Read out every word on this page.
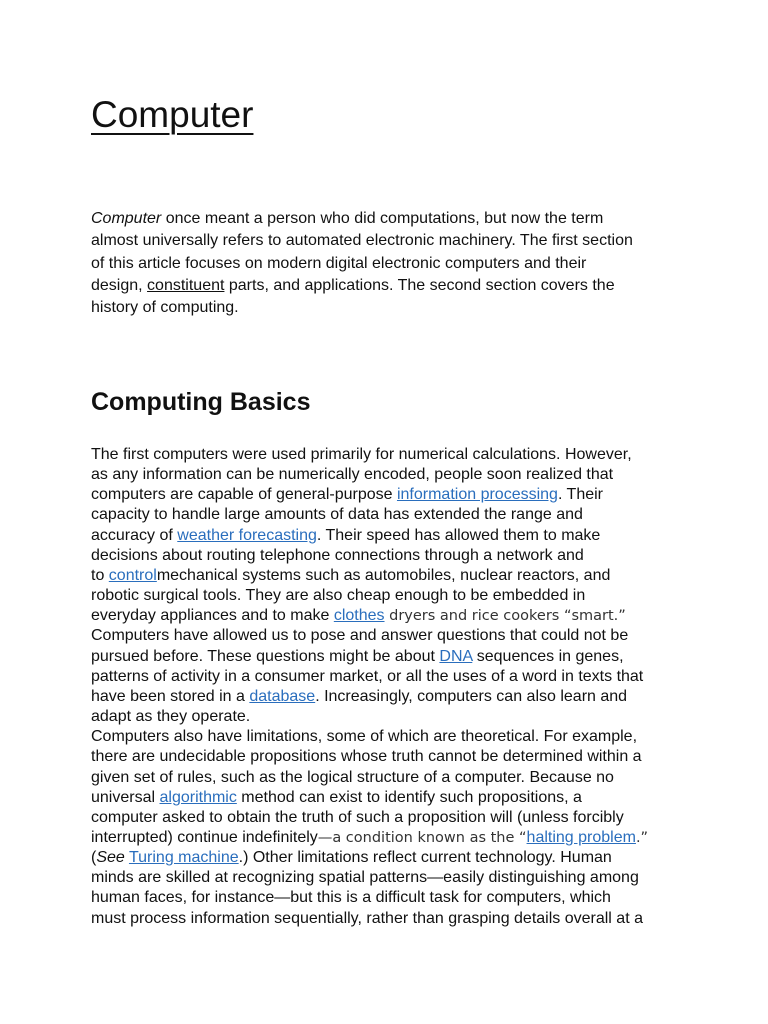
Computer
Computer once meant a person who did computations, but now the term
almost universally refers to automated electronic machinery. The first section
of this article focuses on modern digital electronic computers and their
design, constituent parts, and applications. The second section covers the
history of computing.
Computing Basics
The first computers were used primarily for numerical calculations. However,
as any information can be numerically encoded, people soon realized that
computers are capable of general-purpose information processing. Their
capacity to handle large amounts of data has extended the range and
accuracy of weather forecasting. Their speed has allowed them to make
decisions about routing telephone connections through a network and
to controlmechanical systems such as automobiles, nuclear reactors, and
robotic surgical tools. They are also cheap enough to be embedded in
everyday appliances and to make clothes dryers and rice cookers “smart.”
Computers have allowed us to pose and answer questions that could not be
pursued before. These questions might be about DNA sequences in genes,
patterns of activity in a consumer market, or all the uses of a word in texts that
have been stored in a database. Increasingly, computers can also learn and
adapt as they operate.
Computers also have limitations, some of which are theoretical. For example,
there are undecidable propositions whose truth cannot be determined within a
given set of rules, such as the logical structure of a computer. Because no
universal algorithmic method can exist to identify such propositions, a
computer asked to obtain the truth of such a proposition will (unless forcibly
interrupted) continue indefinitely—a condition known as the “halting problem.”
(See Turing machine.) Other limitations reflect current technology. Human
minds are skilled at recognizing spatial patterns—easily distinguishing among
human faces, for instance—but this is a difficult task for computers, which
must process information sequentially, rather than grasping details overall at a
